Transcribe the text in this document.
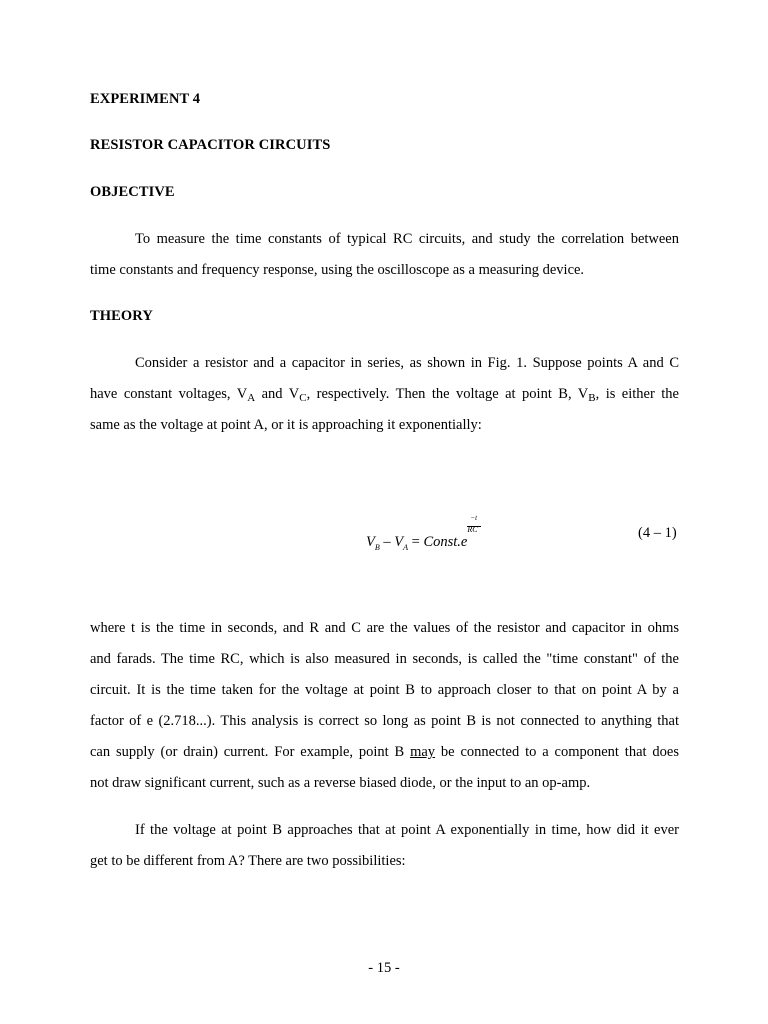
EXPERIMENT 4
RESISTOR CAPACITOR CIRCUITS
OBJECTIVE

To measure the time constants of typical RC circuits, and study the correlation between

time constants and frequency response, using the oscilloscope as a measuring device.

THEORY

Consider a resistor and a capacitor in series, as shown in Fig. 1. Suppose points A and C

have constant voltages, $V_A$ and $V_C$, respectively. Then the voltage at point B, $V_B$, is either the

same as the voltage at point A, or it is approaching it exponentially:

$V_B - V_A$ = Const.e $\frac{-t}{RC}$	(4 – 1)

where t is the time in seconds, and R and C are the values of the resistor and capacitor in ohms

and farads. The time RC, which is also measured in seconds, is called the "time constant" of the

circuit. It is the time taken for the voltage at point B to approach closer to that on point A by a

factor of e (2.718...). This analysis is correct so long as point B is not connected to anything that

can supply (or drain) current. For example, point B may be connected to a component that does

not draw significant current, such as a reverse biased diode, or the input to an op-amp.

If the voltage at point B approaches that at point A exponentially in time, how did it ever

get to be different from A? There are two possibilities:

- 15 -
